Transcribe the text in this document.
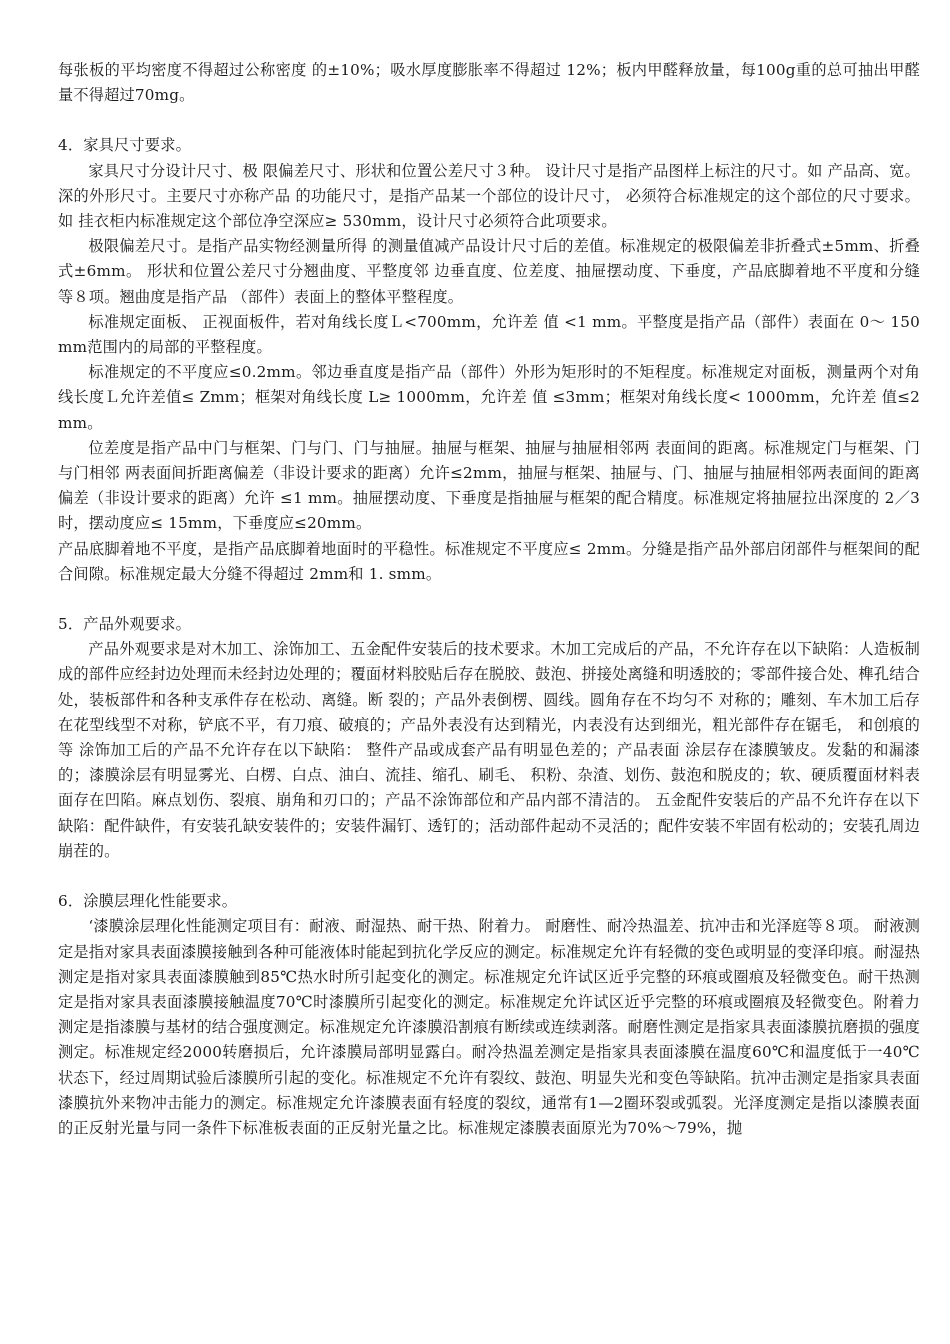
每张板的平均密度不得超过公称密度 的±10%；吸水厚度膨胀率不得超过 12%；板内甲醛释放量，每100g重的总可抽出甲醛量不得超过70mg。

4．家具尺寸要求。

家具尺寸分设计尺寸、极 限偏差尺寸、形状和位置公差尺寸３种。 设计尺寸是指产品图样上标注的尺寸。如 产品高、宽。深的外形尺寸。主要尺寸亦称产品 的功能尺寸，是指产品某一个部位的设计尺寸， 必须符合标准规定的这个部位的尺寸要求。如 挂衣柜内标准规定这个部位净空深应≥ 530mm，设计尺寸必须符合此项要求。

极限偏差尺寸。是指产品实物经测量所得 的测量值减产品设计尺寸后的差值。标准规定的极限偏差非折叠式±5mm、折叠式±6mm。 形状和位置公差尺寸分翘曲度、平整度邻 边垂直度、位差度、抽屉摆动度、下垂度，产品底脚着地不平度和分缝等８项。翘曲度是指产品 （部件）表面上的整体平整程度。

标准规定面板、 正视面板件，若对角线长度Ｌ<700mm，允许差 值 <1 mm。平整度是指产品（部件）表面在 0～ 150mm范围内的局部的平整程度。

标准规定的不平度应≤0.2mm。邻边垂直度是指产品（部件）外形为矩形时的不矩程度。标准规定对面板，测量两个对角线长度Ｌ允许差值≤ Zmm；框架对角线长度 L≥ 1000mm，允许差 值 ≤3mm；框架对角线长度< 1000mm，允许差 值≤2mm。

位差度是指产品中门与框架、门与门、门与抽屉。抽屉与框架、抽屉与抽屉相邻两 表面间的距离。标准规定门与框架、门与门相邻 两表面间折距离偏差（非设计要求的距离）允许≤2mm，抽屉与框架、抽屉与、门、抽屉与抽屉相邻两表面间的距离偏差（非设计要求的距离）允许 ≤1 mm。抽屉摆动度、下垂度是指抽屉与框架的配合精度。标准规定将抽屉拉出深度的 2／3时，摆动度应≤ 15mm，下垂度应≤20mm。

产品底脚着地不平度，是指产品底脚着地面时的平稳性。标准规定不平度应≤ 2mm。分缝是指产品外部启闭部件与框架间的配合间隙。标准规定最大分缝不得超过 2mm和 1. smm。

5．产品外观要求。

产品外观要求是对木加工、涂饰加工、五金配件安装后的技术要求。木加工完成后的产品，不允许存在以下缺陷：人造板制成的部件应经封边处理而未经封边处理的；覆面材料胶贴后存在脱胶、鼓泡、拼接处离缝和明透胶的；零部件接合处、榫孔结合处，装板部件和各种支承件存在松动、离缝。断 裂的；产品外表倒楞、圆线。圆角存在不均匀不 对称的；雕刻、车木加工后存在花型线型不对称，铲底不平，有刀痕、破痕的；产品外表没有达到精光，内表没有达到细光，粗光部件存在锯毛， 和创痕的等 涂饰加工后的产品不允许存在以下缺陷： 整件产品或成套产品有明显色差的；产品表面 涂层存在漆膜皱皮。发黏的和漏漆的；漆膜涂层有明显雾光、白楞、白点、油白、流挂、缩孔、刷毛、 积粉、杂渣、划伤、鼓泡和脱皮的；软、硬质覆面材料表面存在凹陷。麻点划伤、裂痕、崩角和刃口的；产品不涂饰部位和产品内部不清洁的。 五金配件安装后的产品不允许存在以下缺陷：配件缺件，有安装孔缺安装件的；安装件漏钉、透钉的；活动部件起动不灵活的；配件安装不牢固有松动的；安装孔周边崩茬的。

6．涂膜层理化性能要求。

‘漆膜涂层理化性能测定项目有：耐液、耐湿热、耐干热、附着力。 耐磨性、耐冷热温差、抗冲击和光泽庭等８项。 耐液测定是指对家具表面漆膜接触到各种可能液体时能起到抗化学反应的测定。标准规定允许有轻微的变色或明显的变泽印痕。耐湿热测定是指对家具表面漆膜触到85℃热水时所引起变化的测定。标准规定允许试区近乎完整的环痕或圈痕及轻微变色。耐干热测定是指对家具表面漆膜接触温度70℃时漆膜所引起变化的测定。标准规定允许试区近乎完整的环痕或圈痕及轻微变色。附着力测定是指漆膜与基材的结合强度测定。标准规定允许漆膜沿割痕有断续或连续剥落。耐磨性测定是指家具表面漆膜抗磨损的强度测定。标准规定经2000转磨损后，允许漆膜局部明显露白。耐冷热温差测定是指家具表面漆膜在温度60℃和温度低于一40℃状态下，经过周期试验后漆膜所引起的变化。标准规定不允许有裂纹、鼓泡、明显失光和变色等缺陷。抗冲击测定是指家具表面漆膜抗外来物冲击能力的测定。标准规定允许漆膜表面有轻度的裂纹，通常有1—2圈环裂或弧裂。光泽度测定是指以漆膜表面的正反射光量与同一条件下标准板表面的正反射光量之比。标准规定漆膜表面原光为70%～79%，抛
